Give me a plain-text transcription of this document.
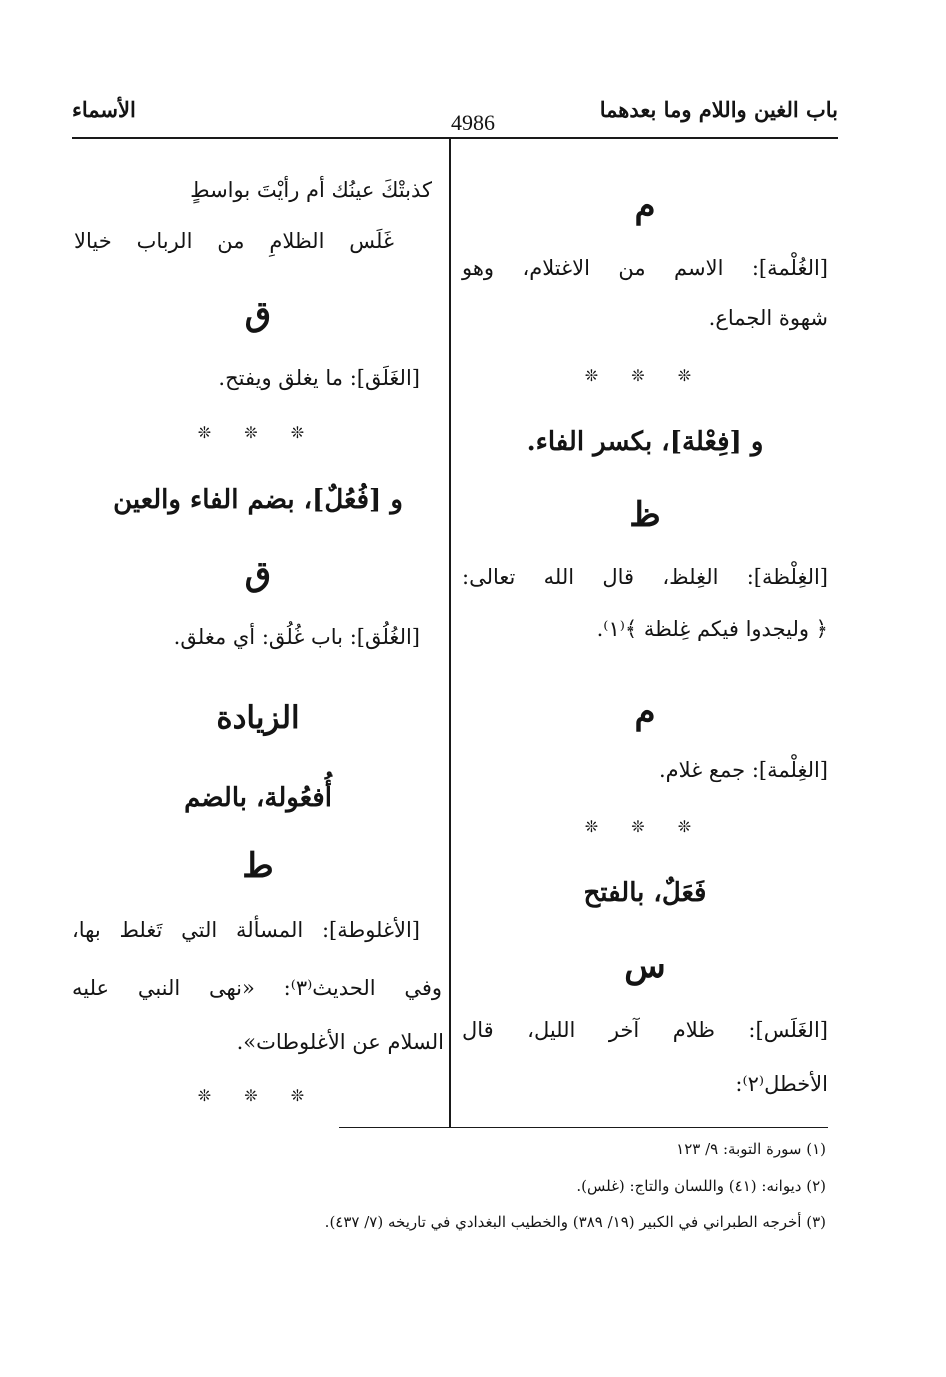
باب الغين واللام وما بعدهما
4986
الأسماء
م
[الغُلْمة]: الاسم من الاغتلام، وهو
شهوة الجماع.
❊ ❊ ❊
و [فِعْلة]، بكسر الفاء.
ظ
[الغِلْظة]: الغِلظ، قال الله تعالى:
﴿ وليجدوا فيكم غِلظة ﴾⁽١⁾.
م
[الغِلْمة]: جمع غلام.
❊ ❊ ❊
فَعَلٌ، بالفتح
س
[الغَلَس]: ظلام آخر الليل، قال
الأخطل⁽٢⁾:
كذبتْكَ عينُك أم رأيْتَ بواسطٍ
غَلَس الظلامِ من الرباب خيالا
ق
[الغَلَق]: ما يغلق ويفتح.
❊ ❊ ❊
و [فُعُلٌ]، بضم الفاء والعين
ق
[الغُلُق]: باب غُلُق: أي مغلق.
الزيادة
أُفعُولة، بالضم
ط
[الأغلوطة]: المسألة التي تَغلط بها،
وفي الحديث⁽٣⁾: «نهى النبي عليه
السلام عن الأغلوطات».
❊ ❊ ❊
(١) سورة التوبة: ٩/ ١٢٣
(٢) ديوانه: (٤١) واللسان والتاج: (غلس).
(٣) أخرجه الطبراني في الكبير (١٩/ ٣٨٩) والخطيب البغدادي في تاريخه (٧/ ٤٣٧).
